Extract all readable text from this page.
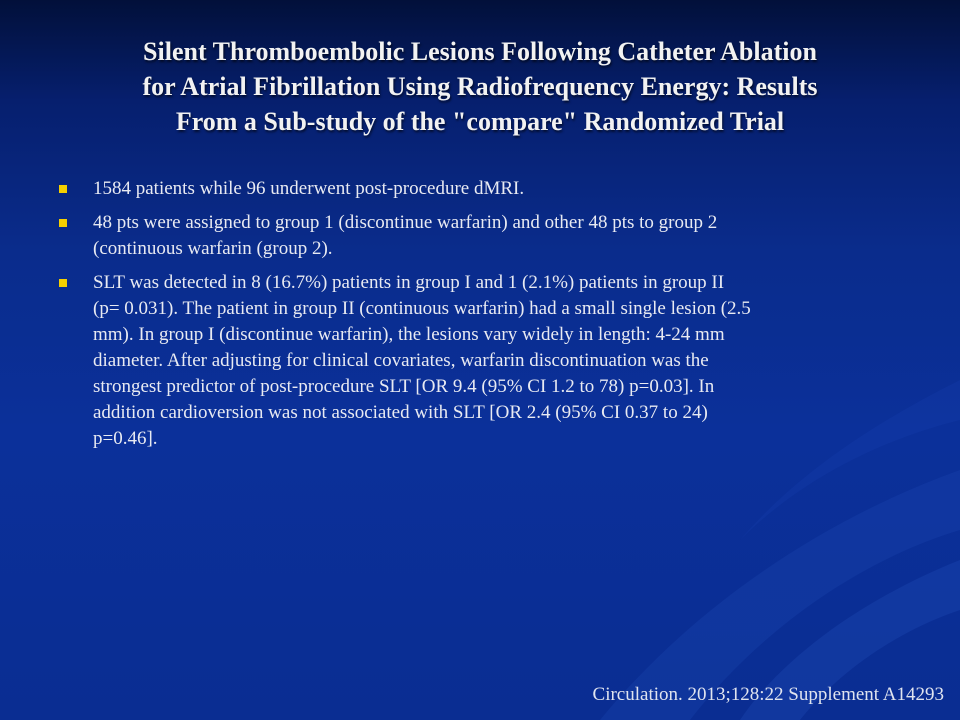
Silent Thromboembolic Lesions Following Catheter Ablation
for Atrial Fibrillation Using Radiofrequency Energy: Results
From a Sub-study of the "compare" Randomized Trial
1584 patients while 96 underwent post-procedure dMRI.
48 pts were assigned to group 1 (discontinue warfarin) and other 48 pts to group 2
(continuous warfarin (group 2).
SLT was detected in 8 (16.7%) patients in group I and 1 (2.1%) patients in group II
(p= 0.031). The patient in group II (continuous warfarin) had a small single lesion (2.5
mm). In group I (discontinue warfarin), the lesions vary widely in length: 4-24 mm
diameter. After adjusting for clinical covariates, warfarin discontinuation was the
strongest predictor of post-procedure SLT [OR 9.4 (95% CI 1.2 to 78) p=0.03]. In
addition cardioversion was not associated with SLT [OR 2.4 (95% CI 0.37 to 24)
p=0.46].
Circulation. 2013;128:22 Supplement A14293
